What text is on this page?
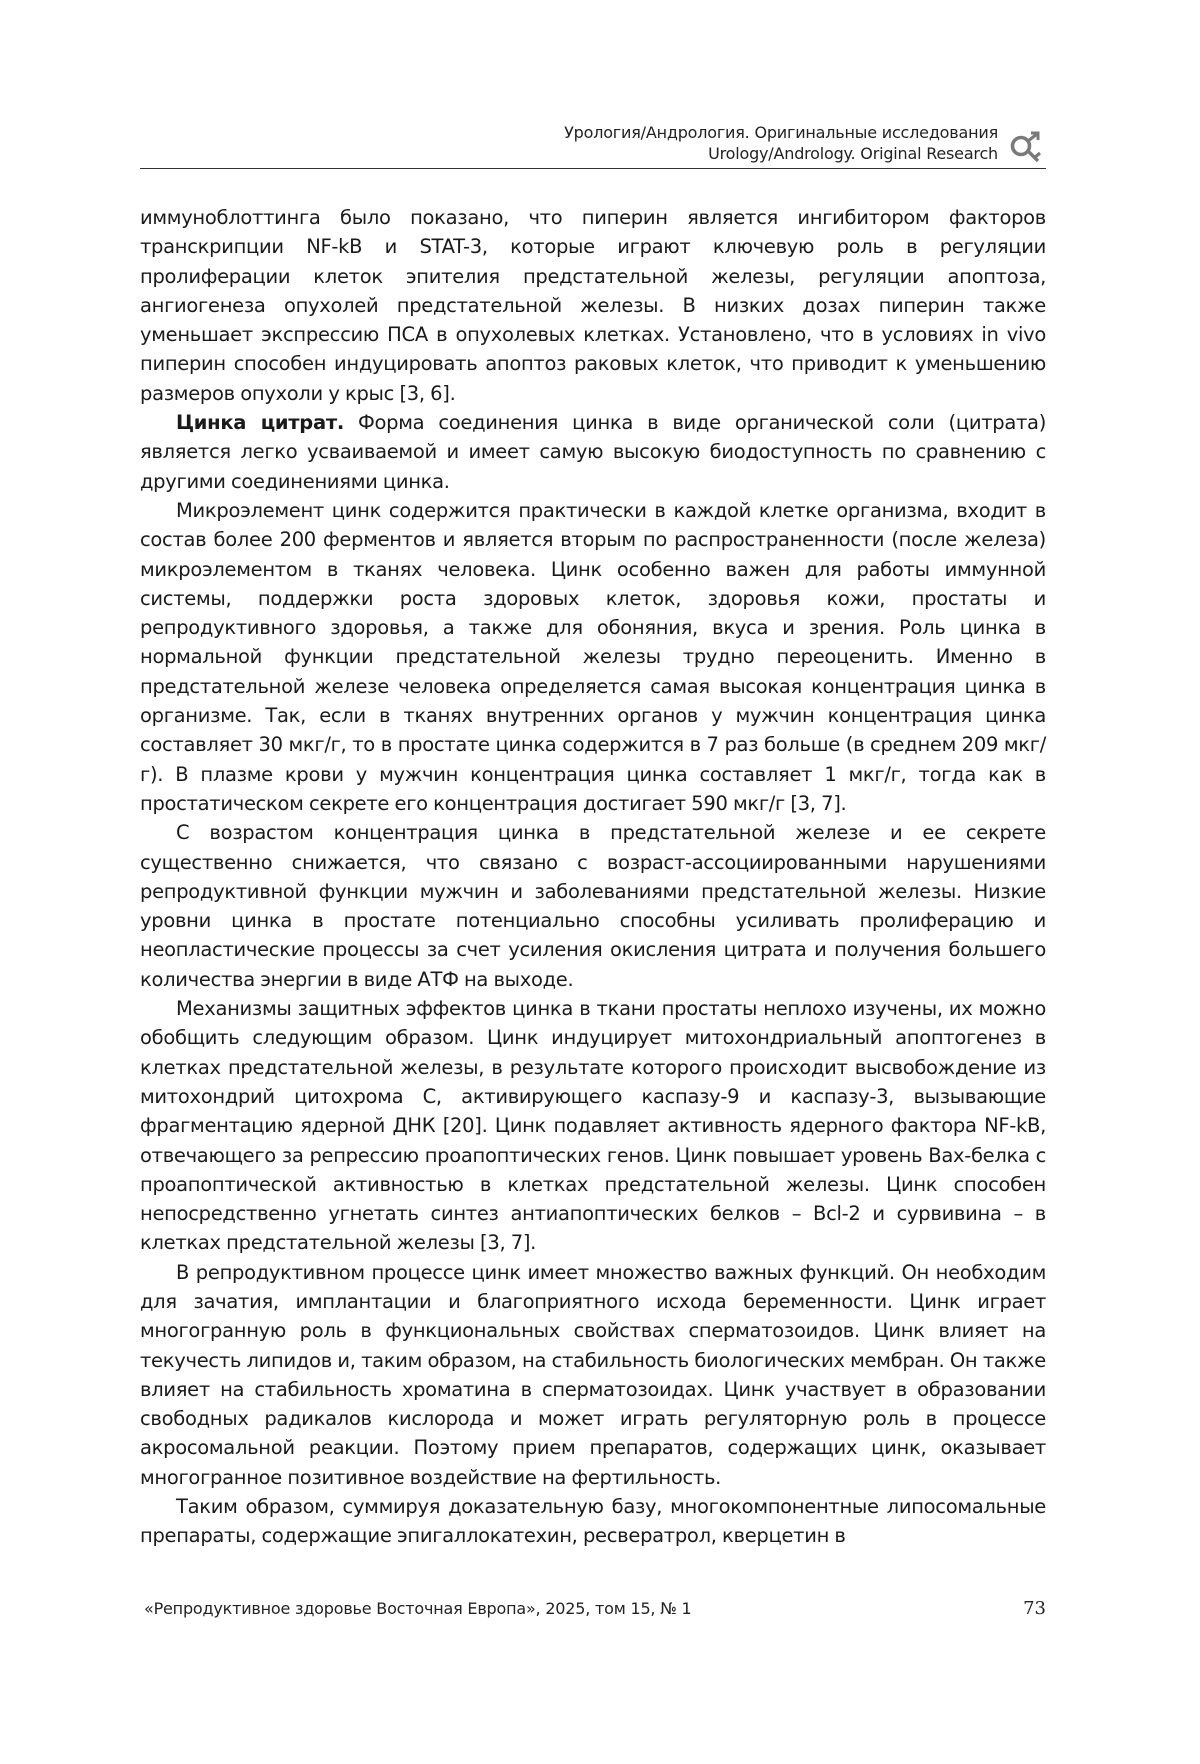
Урология/Андрология. Оригинальные исследования
Urology/Andrology. Original Research

иммуноблоттинга было показано, что пиперин является ингибитором факторов транскрипции NF-kB и STAT-3, которые играют ключевую роль в регуляции пролиферации клеток эпителия предстательной железы, регуляции апоптоза, ангиогенеза опухолей предстательной железы. В низких дозах пиперин также уменьшает экспрессию ПСА в опухолевых клетках. Установлено, что в условиях in vivo пиперин способен индуцировать апоптоз раковых клеток, что приводит к уменьшению размеров опухоли у крыс [3, 6].

Цинка цитрат. Форма соединения цинка в виде органической соли (цитрата) является легко усваиваемой и имеет самую высокую биодоступность по сравнению с другими соединениями цинка.

Микроэлемент цинк содержится практически в каждой клетке организма, входит в состав более 200 ферментов и является вторым по распространенности (после железа) микроэлементом в тканях человека. Цинк особенно важен для работы иммунной системы, поддержки роста здоровых клеток, здоровья кожи, простаты и репродуктивного здоровья, а также для обоняния, вкуса и зрения. Роль цинка в нормальной функции предстательной железы трудно переоценить. Именно в предстательной железе человека определяется самая высокая концентрация цинка в организме. Так, если в тканях внутренних органов у мужчин концентрация цинка составляет 30 мкг/г, то в простате цинка содержится в 7 раз больше (в среднем 209 мкг/г). В плазме крови у мужчин концентрация цинка составляет 1 мкг/г, тогда как в простатическом секрете его концентрация достигает 590 мкг/г [3, 7].

С возрастом концентрация цинка в предстательной железе и ее секрете существенно снижается, что связано с возраст-ассоциированными нарушениями репродуктивной функции мужчин и заболеваниями предстательной железы. Низкие уровни цинка в простате потенциально способны усиливать пролиферацию и неопластические процессы за счет усиления окисления цитрата и получения большего количества энергии в виде АТФ на выходе.

Механизмы защитных эффектов цинка в ткани простаты неплохо изучены, их можно обобщить следующим образом. Цинк индуцирует митохондриальный апоптогенез в клетках предстательной железы, в результате которого происходит высвобождение из митохондрий цитохрома C, активирующего каспазу-9 и каспазу-3, вызывающие фрагментацию ядерной ДНК [20]. Цинк подавляет активность ядерного фактора NF-kB, отвечающего за репрессию проапоптических генов. Цинк повышает уровень Bax-белка с проапоптической активностью в клетках предстательной железы. Цинк способен непосредственно угнетать синтез антиапоптических белков – Bcl-2 и сурвивина – в клетках предстательной железы [3, 7].

В репродуктивном процессе цинк имеет множество важных функций. Он необходим для зачатия, имплантации и благоприятного исхода беременности. Цинк играет многогранную роль в функциональных свойствах сперматозоидов. Цинк влияет на текучесть липидов и, таким образом, на стабильность биологических мембран. Он также влияет на стабильность хроматина в сперматозоидах. Цинк участвует в образовании свободных радикалов кислорода и может играть регуляторную роль в процессе акросомальной реакции. Поэтому прием препаратов, содержащих цинк, оказывает многогранное позитивное воздействие на фертильность.

Таким образом, суммируя доказательную базу, многокомпонентные липосомальные препараты, содержащие эпигаллокатехин, ресвератрол, кверцетин в

«Репродуктивное здоровье Восточная Европа», 2025, том 15, № 1	73
